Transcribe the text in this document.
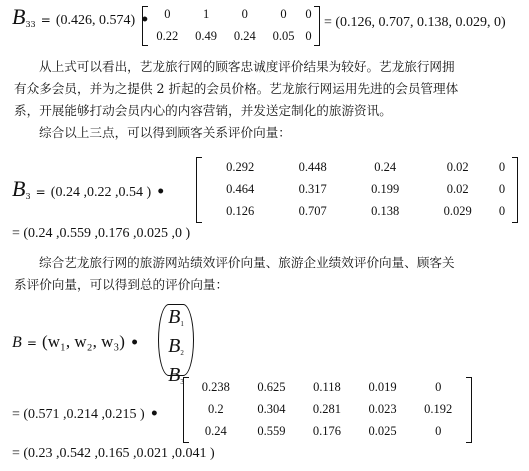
$B_{33} = (0.426$, 0.574) • 0	1	0	0	0
0.22	0.49	0.24	0.05	0
= (0.126, 0.707, 0.138, 0.029, 0)

从上式可以看出，艺龙旅行网的顾客忠诚度评价结果为较好。艺龙旅行网拥

有众多会员，并为之提供 2 折起的会员价格。艺龙旅行网运用先进的会员管理体

系，开展能够打动会员内心的内容营销，并发送定制化的旅游资讯。

综合以上三点，可以得到顾客关系评价向量：

$B_3 = (0.24$ ,0.22 ,0.54 ) •
0.292	0.448	0.24	0.02	0
0.464	0.317	0.199	0.02	0
0.126	0.707	0.138	0.029	0
= (0.24 ,0.559 ,0.176 ,0.025 ,0 )

综合艺龙旅行网的旅游网站绩效评价向量、旅游企业绩效评价向量、顾客关

系评价向量，可以得到总的评价向量：

B = (w₁, w₂, w₃) •
$B_1$
$B_2$
$B_3$
= (0.571 ,0.214 ,0.215 ) •
0.238	0.625	0.118	0.019	0
0.2	0.304	0.281	0.023	0.192
0.24	0.559	0.176	0.025	0
= (0.23 ,0.542 ,0.165 ,0.021 ,0.041 )
